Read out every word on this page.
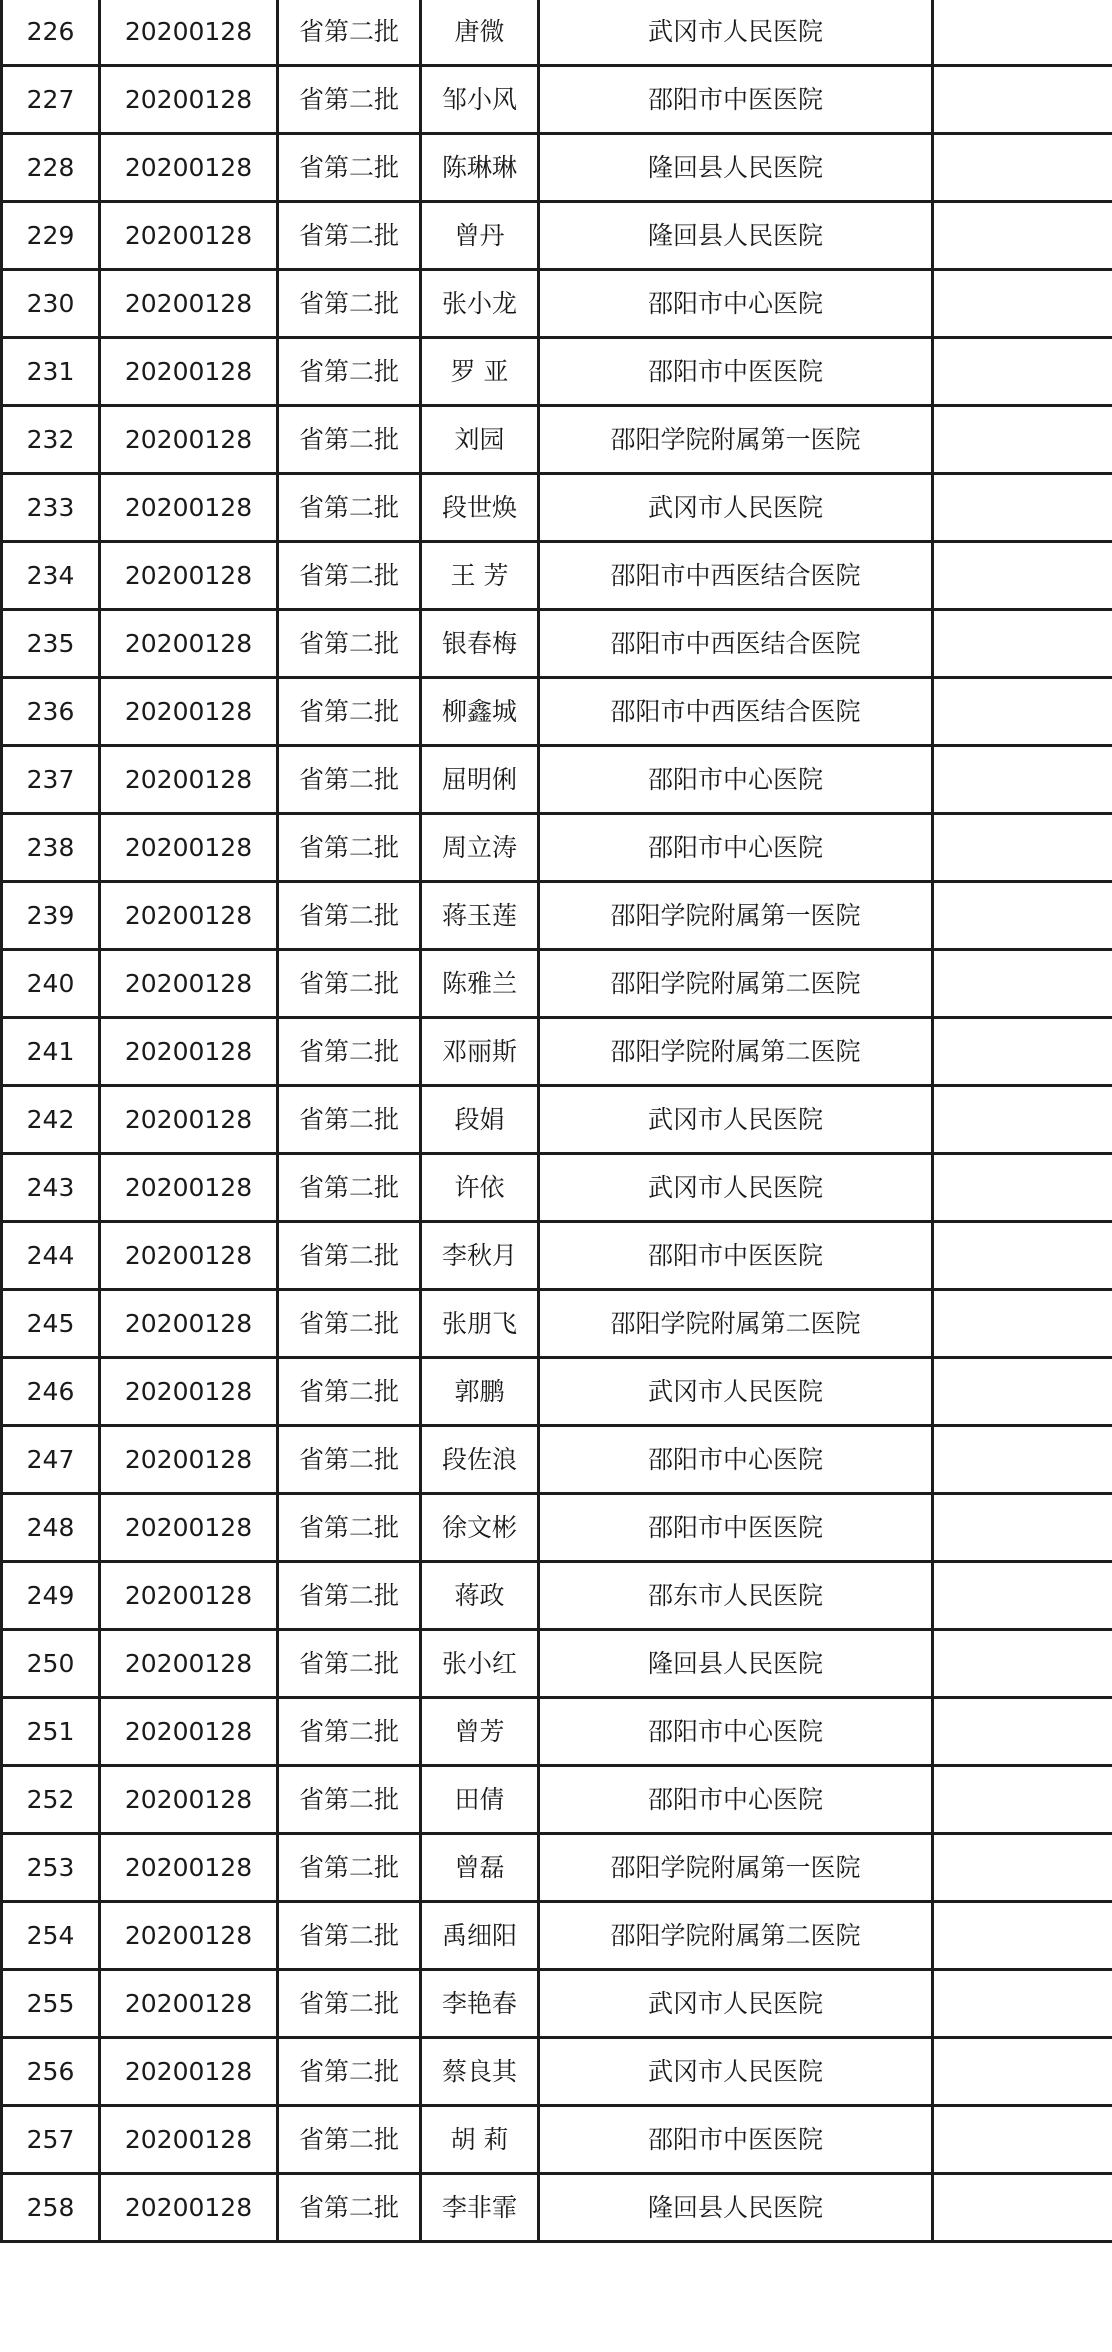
226	20200128	省第二批	唐微	武冈市人民医院	
227	20200128	省第二批	邹小风	邵阳市中医医院	
228	20200128	省第二批	陈琳琳	隆回县人民医院	
229	20200128	省第二批	曾丹	隆回县人民医院	
230	20200128	省第二批	张小龙	邵阳市中心医院	
231	20200128	省第二批	罗 亚	邵阳市中医医院	
232	20200128	省第二批	刘园	邵阳学院附属第一医院	
233	20200128	省第二批	段世焕	武冈市人民医院	
234	20200128	省第二批	王 芳	邵阳市中西医结合医院	
235	20200128	省第二批	银春梅	邵阳市中西医结合医院	
236	20200128	省第二批	柳鑫城	邵阳市中西医结合医院	
237	20200128	省第二批	屈明俐	邵阳市中心医院	
238	20200128	省第二批	周立涛	邵阳市中心医院	
239	20200128	省第二批	蒋玉莲	邵阳学院附属第一医院	
240	20200128	省第二批	陈雅兰	邵阳学院附属第二医院	
241	20200128	省第二批	邓丽斯	邵阳学院附属第二医院	
242	20200128	省第二批	段娟	武冈市人民医院	
243	20200128	省第二批	许依	武冈市人民医院	
244	20200128	省第二批	李秋月	邵阳市中医医院	
245	20200128	省第二批	张朋飞	邵阳学院附属第二医院	
246	20200128	省第二批	郭鹏	武冈市人民医院	
247	20200128	省第二批	段佐浪	邵阳市中心医院	
248	20200128	省第二批	徐文彬	邵阳市中医医院	
249	20200128	省第二批	蒋政	邵东市人民医院	
250	20200128	省第二批	张小红	隆回县人民医院	
251	20200128	省第二批	曾芳	邵阳市中心医院	
252	20200128	省第二批	田倩	邵阳市中心医院	
253	20200128	省第二批	曾磊	邵阳学院附属第一医院	
254	20200128	省第二批	禹细阳	邵阳学院附属第二医院	
255	20200128	省第二批	李艳春	武冈市人民医院	
256	20200128	省第二批	蔡良其	武冈市人民医院	
257	20200128	省第二批	胡 莉	邵阳市中医医院	
258	20200128	省第二批	李非霏	隆回县人民医院	
